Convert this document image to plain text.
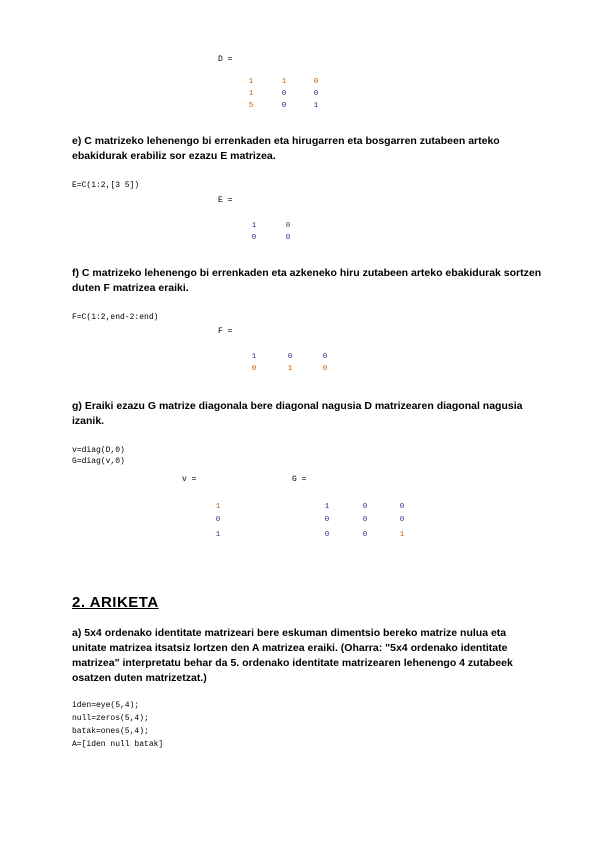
D =
1	1	0
1	0	0
5	0	1
e) C matrizeko lehenengo bi errenkaden eta hirugarren eta bosgarren zutabeen arteko ebakidurak erabiliz sor ezazu E matrizea.
E=C(1:2,[3 5])
E =
1	0
0	0
f) C matrizeko lehenengo bi errenkaden eta azkeneko hiru zutabeen arteko ebakidurak sortzen duten F matrizea eraiki.
F=C(1:2,end-2:end)
F =
1	0	0
0	1	0
g) Eraiki ezazu G matrize diagonala bere diagonal nagusia D matrizearen diagonal nagusia izanik.
v=diag(D,0)
G=diag(v,0)
v =	G =
1
0
1
1	0	0
0	0	0
0	0	1
2. ARIKETA
a) 5x4 ordenako identitate matrizeari bere eskuman dimentsio bereko matrize nulua eta unitate matrizea itsatsiz lortzen den A matrizea eraiki. (Oharra: "5x4 ordenako identitate matrizea" interpretatu behar da 5. ordenako identitate matrizearen lehenengo 4 zutabeek osatzen duten matrizetzat.)
iden=eye(5,4);
null=zeros(5,4);
batak=ones(5,4);
A=[iden null batak]
